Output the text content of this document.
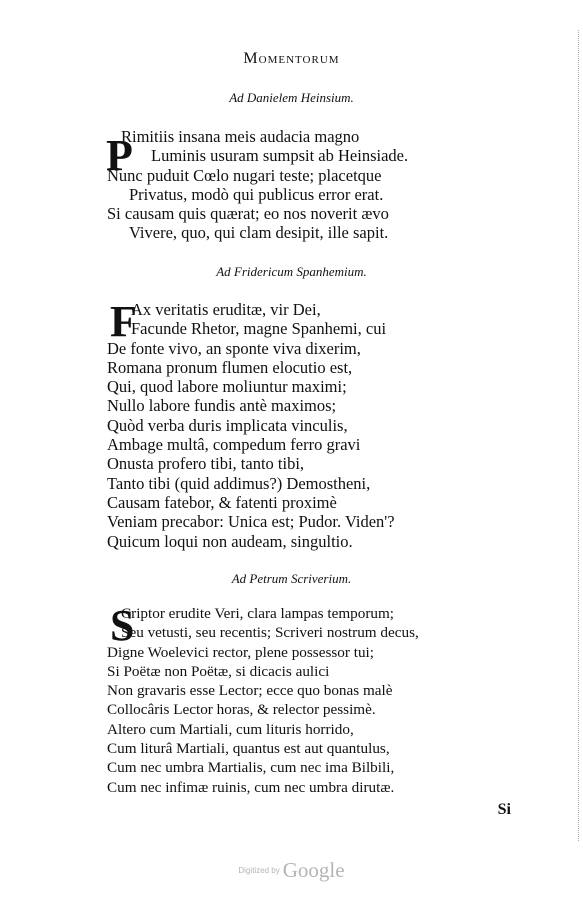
Momentorum
Ad Danielem Heinsium.
P
Rimitiis insana meis audacia magno
Luminis usuram sumpsit ab Heinsiade.
Nunc puduit Cœlo nugari teste; placetque
Privatus, modò qui publicus error erat.
Si causam quis quærat; eo nos noverit ævo
Vivere, quo, qui clam desipit, ille sapit.
Ad Fridericum Spanhemium.
F
Ax veritatis eruditæ, vir Dei,
Facunde Rhetor, magne Spanhemi, cui
De fonte vivo, an sponte viva dixerim,
Romana pronum flumen elocutio est,
Qui, quod labore moliuntur maximi;
Nullo labore fundis antè maximos;
Quòd verba duris implicata vinculis,
Ambage multâ, compedum ferro gravi
Onusta profero tibi, tanto tibi,
Tanto tibi (quid addimus?) Demostheni,
Causam fatebor, & fatenti proximè
Veniam precabor: Unica est; Pudor. Viden'?
Quicum loqui non audeam, singultio.
Ad Petrum Scriverium.
S
Criptor erudite Veri, clara lampas temporum;
Seu vetusti, seu recentis; Scriveri nostrum decus,
Digne Woelevici rector, plene possessor tui;
Si Poëtæ non Poëtæ, si dicacis aulici
Non gravaris esse Lector; ecce quo bonas malè
Collocâris Lector horas, & relector pessimè.
Altero cum Martiali, cum lituris horrido,
Cum liturâ Martiali, quantus est aut quantulus,
Cum nec umbra Martialis, cum nec ima Bilbili,
Cum nec infimæ ruinis, cum nec umbra dirutæ.
Si
Digitized by Google
